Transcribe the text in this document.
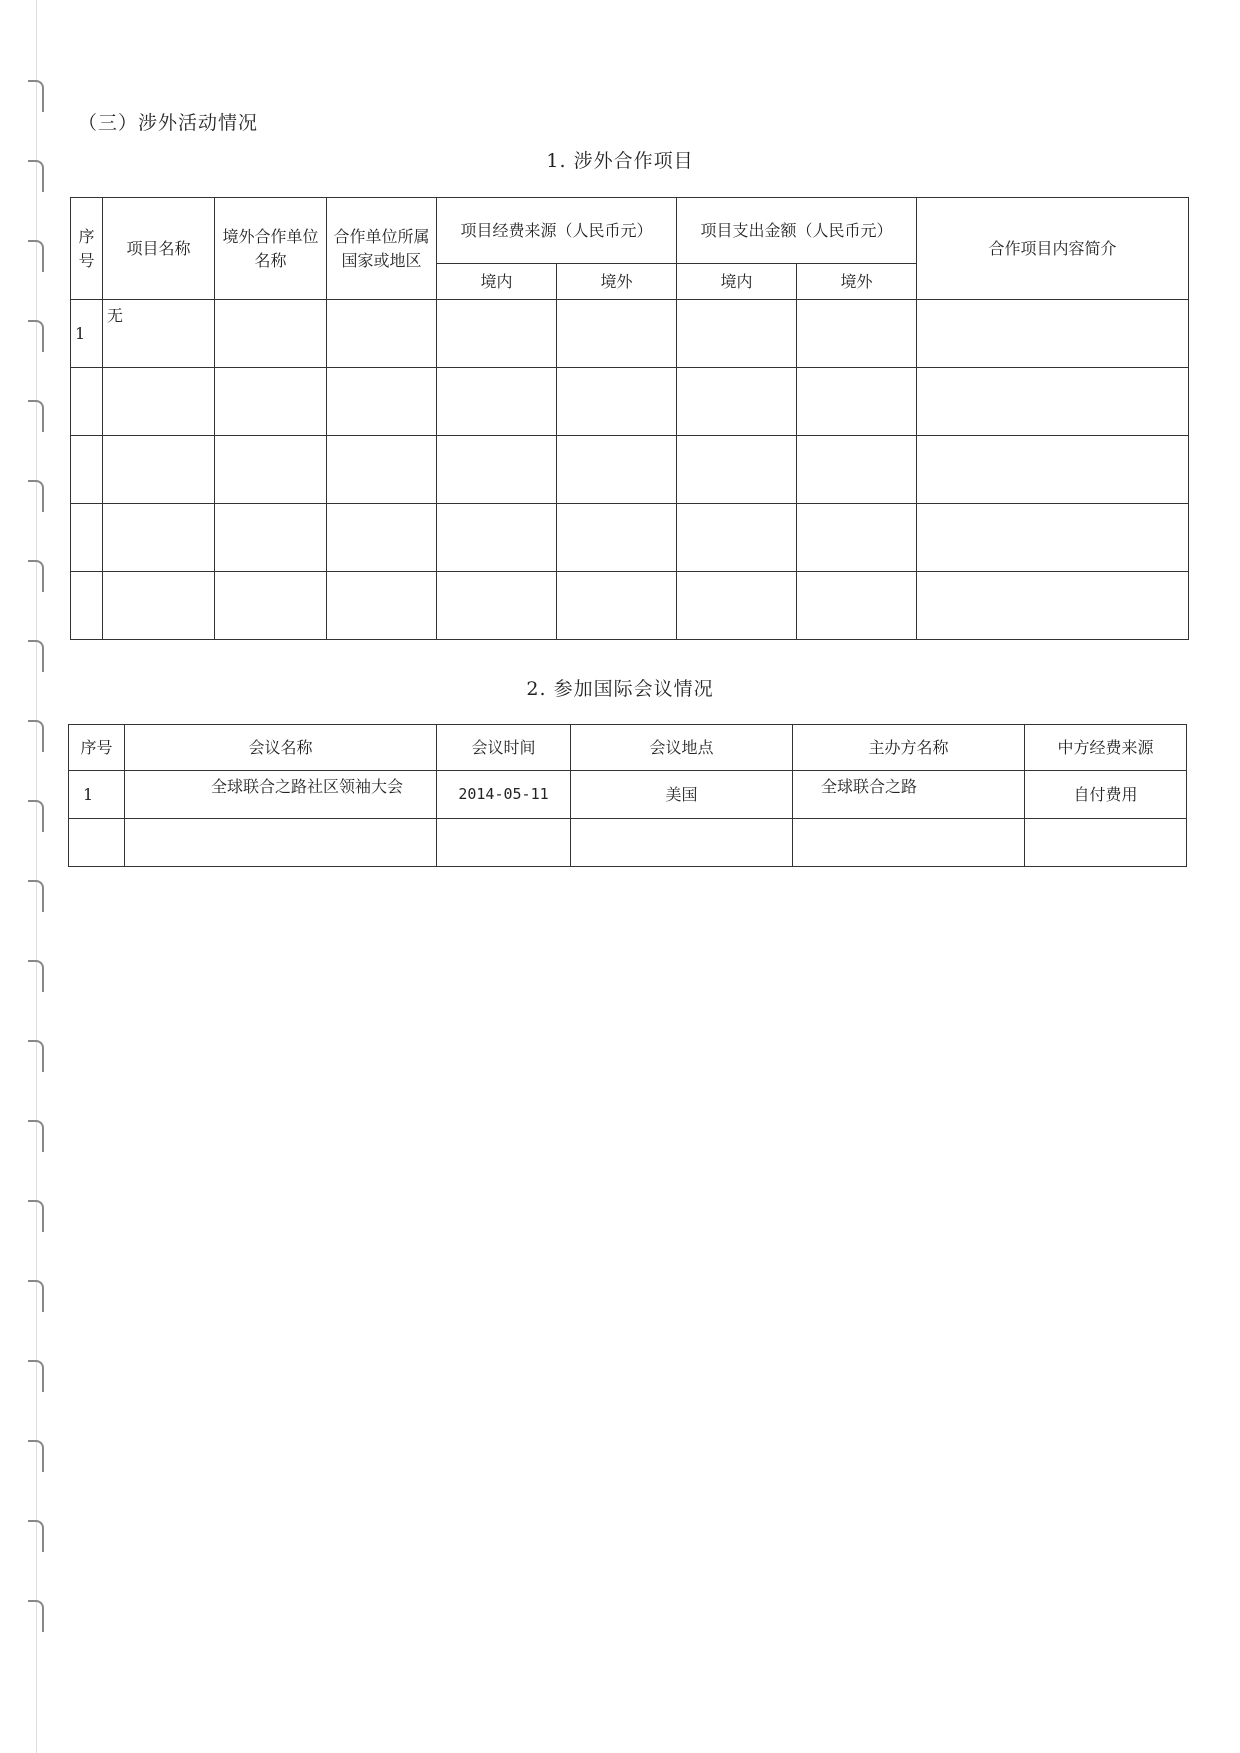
（三）涉外活动情况
1. 涉外合作项目
序号	项目名称	境外合作单位名称	合作单位所属国家或地区	项目经费来源（人民币元）		项目支出金额（人民币元）		合作项目内容简介
				境内	境外	境内	境外	
1	无							

2. 参加国际会议情况
序号	会议名称	会议时间	会议地点	主办方名称	中方经费来源
1	全球联合之路社区领袖大会	2014-05-11	美国	全球联合之路	自付费用
